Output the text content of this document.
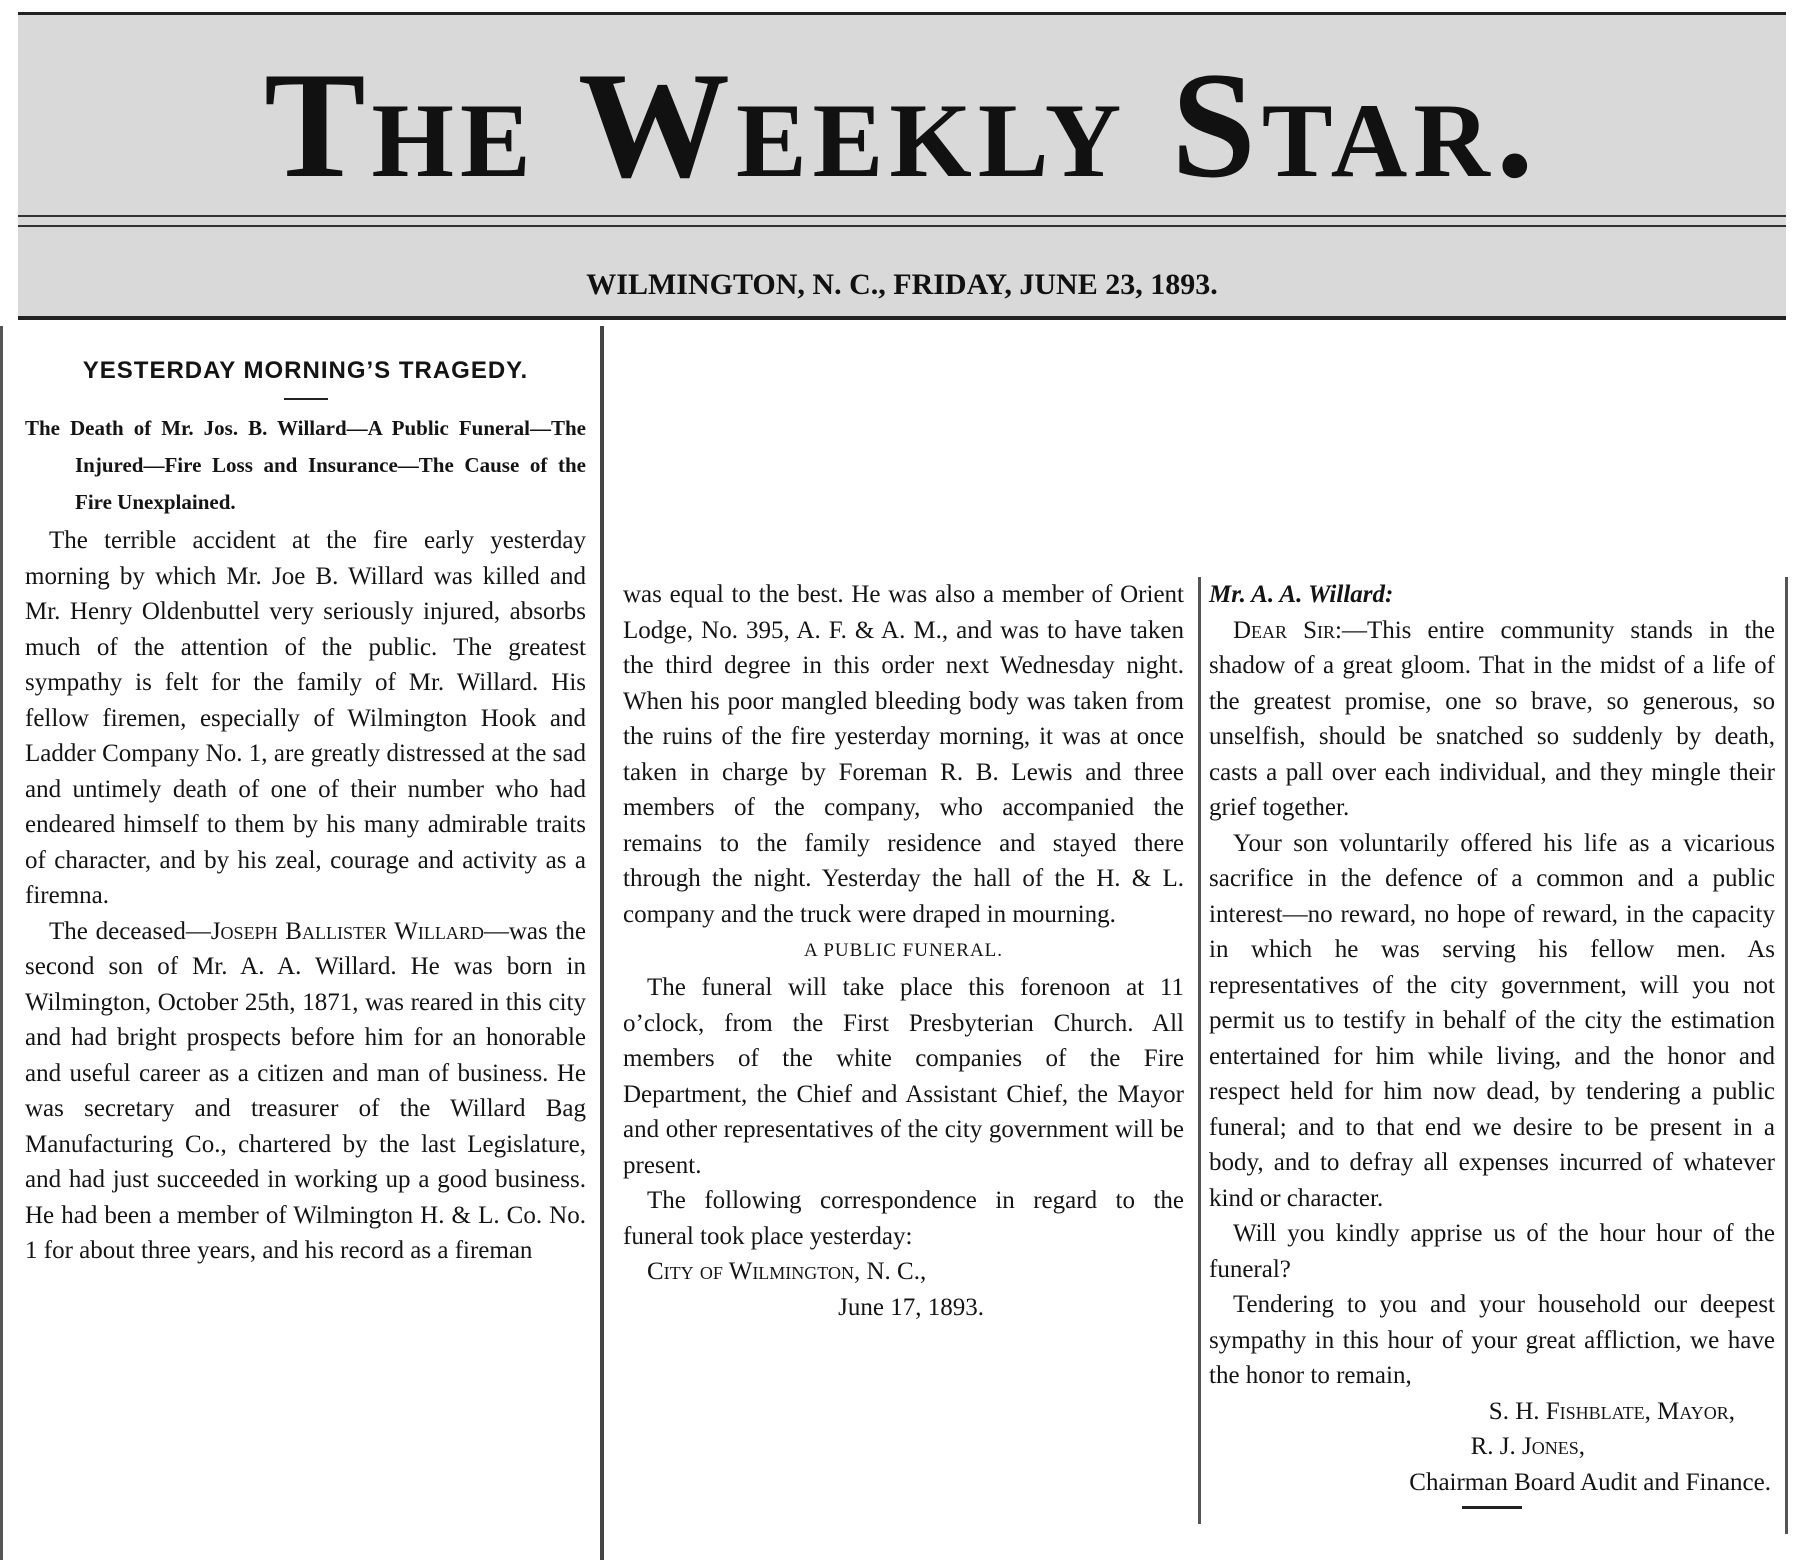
The Weekly Star.
WILMINGTON, N. C., FRIDAY, JUNE 23, 1893.
YESTERDAY MORNING’S TRAGEDY.
The Death of Mr. Jos. B. Willard—A Public Funeral—The Injured—Fire Loss and Insurance—The Cause of the Fire Unexplained.

The terrible accident at the fire early yesterday morning by which Mr. Joe B. Willard was killed and Mr. Henry Oldenbuttel very seriously injured, absorbs much of the attention of the public. The greatest sympathy is felt for the family of Mr. Willard. His fellow firemen, especially of Wilmington Hook and Ladder Company No. 1, are greatly distressed at the sad and untimely death of one of their number who had endeared himself to them by his many admirable traits of character, and by his zeal, courage and activity as a firemna.

The deceased—Joseph Ballister Willard—was the second son of Mr. A. A. Willard. He was born in Wilmington, October 25th, 1871, was reared in this city and had bright prospects before him for an honorable and useful career as a citizen and man of business. He was secretary and treasurer of the Willard Bag Manufacturing Co., chartered by the last Legislature, and had just succeeded in working up a good business. He had been a member of Wilmington H. & L. Co. No. 1 for about three years, and his record as a fireman

was equal to the best. He was also a member of Orient Lodge, No. 395, A. F. & A. M., and was to have taken the third degree in this order next Wednesday night. When his poor mangled bleeding body was taken from the ruins of the fire yesterday morning, it was at once taken in charge by Foreman R. B. Lewis and three members of the company, who accompanied the remains to the family residence and stayed there through the night. Yesterday the hall of the H. & L. company and the truck were draped in mourning.

A PUBLIC FUNERAL.

The funeral will take place this forenoon at 11 o’clock, from the First Presbyterian Church. All members of the white companies of the Fire Department, the Chief and Assistant Chief, the Mayor and other representatives of the city government will be present.

The following correspondence in regard to the funeral took place yesterday:

City of Wilmington, N. C.,

June 17, 1893.

Mr. A. A. Willard:

Dear Sir:—This entire community stands in the shadow of a great gloom. That in the midst of a life of the greatest promise, one so brave, so generous, so unselfish, should be snatched so suddenly by death, casts a pall over each individual, and they mingle their grief together.

Your son voluntarily offered his life as a vicarious sacrifice in the defence of a common and a public interest—no reward, no hope of reward, in the capacity in which he was serving his fellow men. As representatives of the city government, will you not permit us to testify in behalf of the city the estimation entertained for him while living, and the honor and respect held for him now dead, by tendering a public funeral; and to that end we desire to be present in a body, and to defray all expenses incurred of whatever kind or character.

Will you kindly apprise us of the hour hour of the funeral?

Tendering to you and your household our deepest sympathy in this hour of your great affliction, we have the honor to remain,

S. H. Fishblate, Mayor,

R. J. Jones,

Chairman Board Audit and Finance.
